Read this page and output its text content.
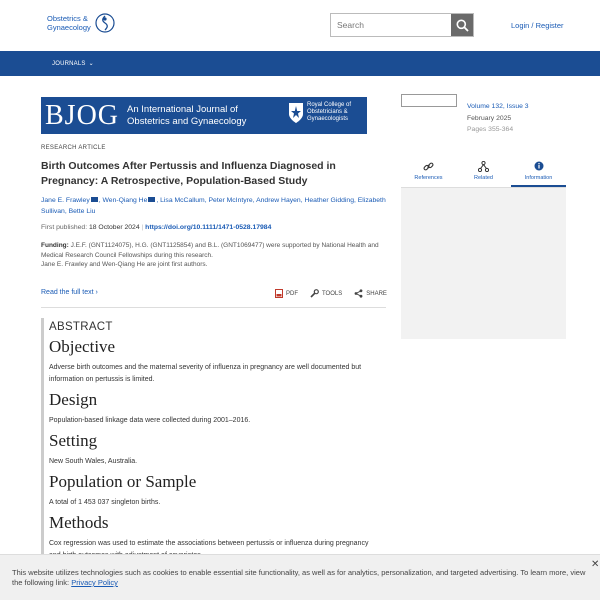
Obstetrics &
Gynaecology
Search	Login / Register
JOURNALS ⌄
BJOG An International Journal of
Obstetrics and Gynaecology
Royal College of
Obstetricians &
Gynaecologists
RESEARCH ARTICLE
Birth Outcomes After Pertussis and Influenza Diagnosed in Pregnancy: A Retrospective, Population-Based Study
Jane E. Frawley , Wen-Qiang He , Lisa McCallum, Peter McIntyre, Andrew Hayen, Heather Gidding, Elizabeth Sullivan, Bette Liu
First published: 18 October 2024 | https://doi.org/10.1111/1471-0528.17984
Funding: J.E.F. (GNT1124075), H.G. (GNT1125854) and B.L. (GNT1069477) were supported by National Health and Medical Research Council Fellowships during this research.
Jane E. Frawley and Wen-Qiang He are joint first authors.
Read the full text ›	PDF	TOOLS	SHARE
ABSTRACT
Objective

Adverse birth outcomes and the maternal severity of influenza in pregnancy are well documented but information on pertussis is limited.

Design

Population-based linkage data were collected during 2001–2016.

Setting

New South Wales, Australia.

Population or Sample

A total of 1 453 037 singleton births.

Methods

Cox regression was used to estimate the associations between pertussis or influenza during pregnancy

Volume 132, Issue 3
February 2025
Pages 355-364
References	Related	Information
This website utilizes technologies such as cookies to enable essential site functionality, as well as for analytics, personalization, and targeted advertising. To learn more, view the following link: Privacy Policy
✕
